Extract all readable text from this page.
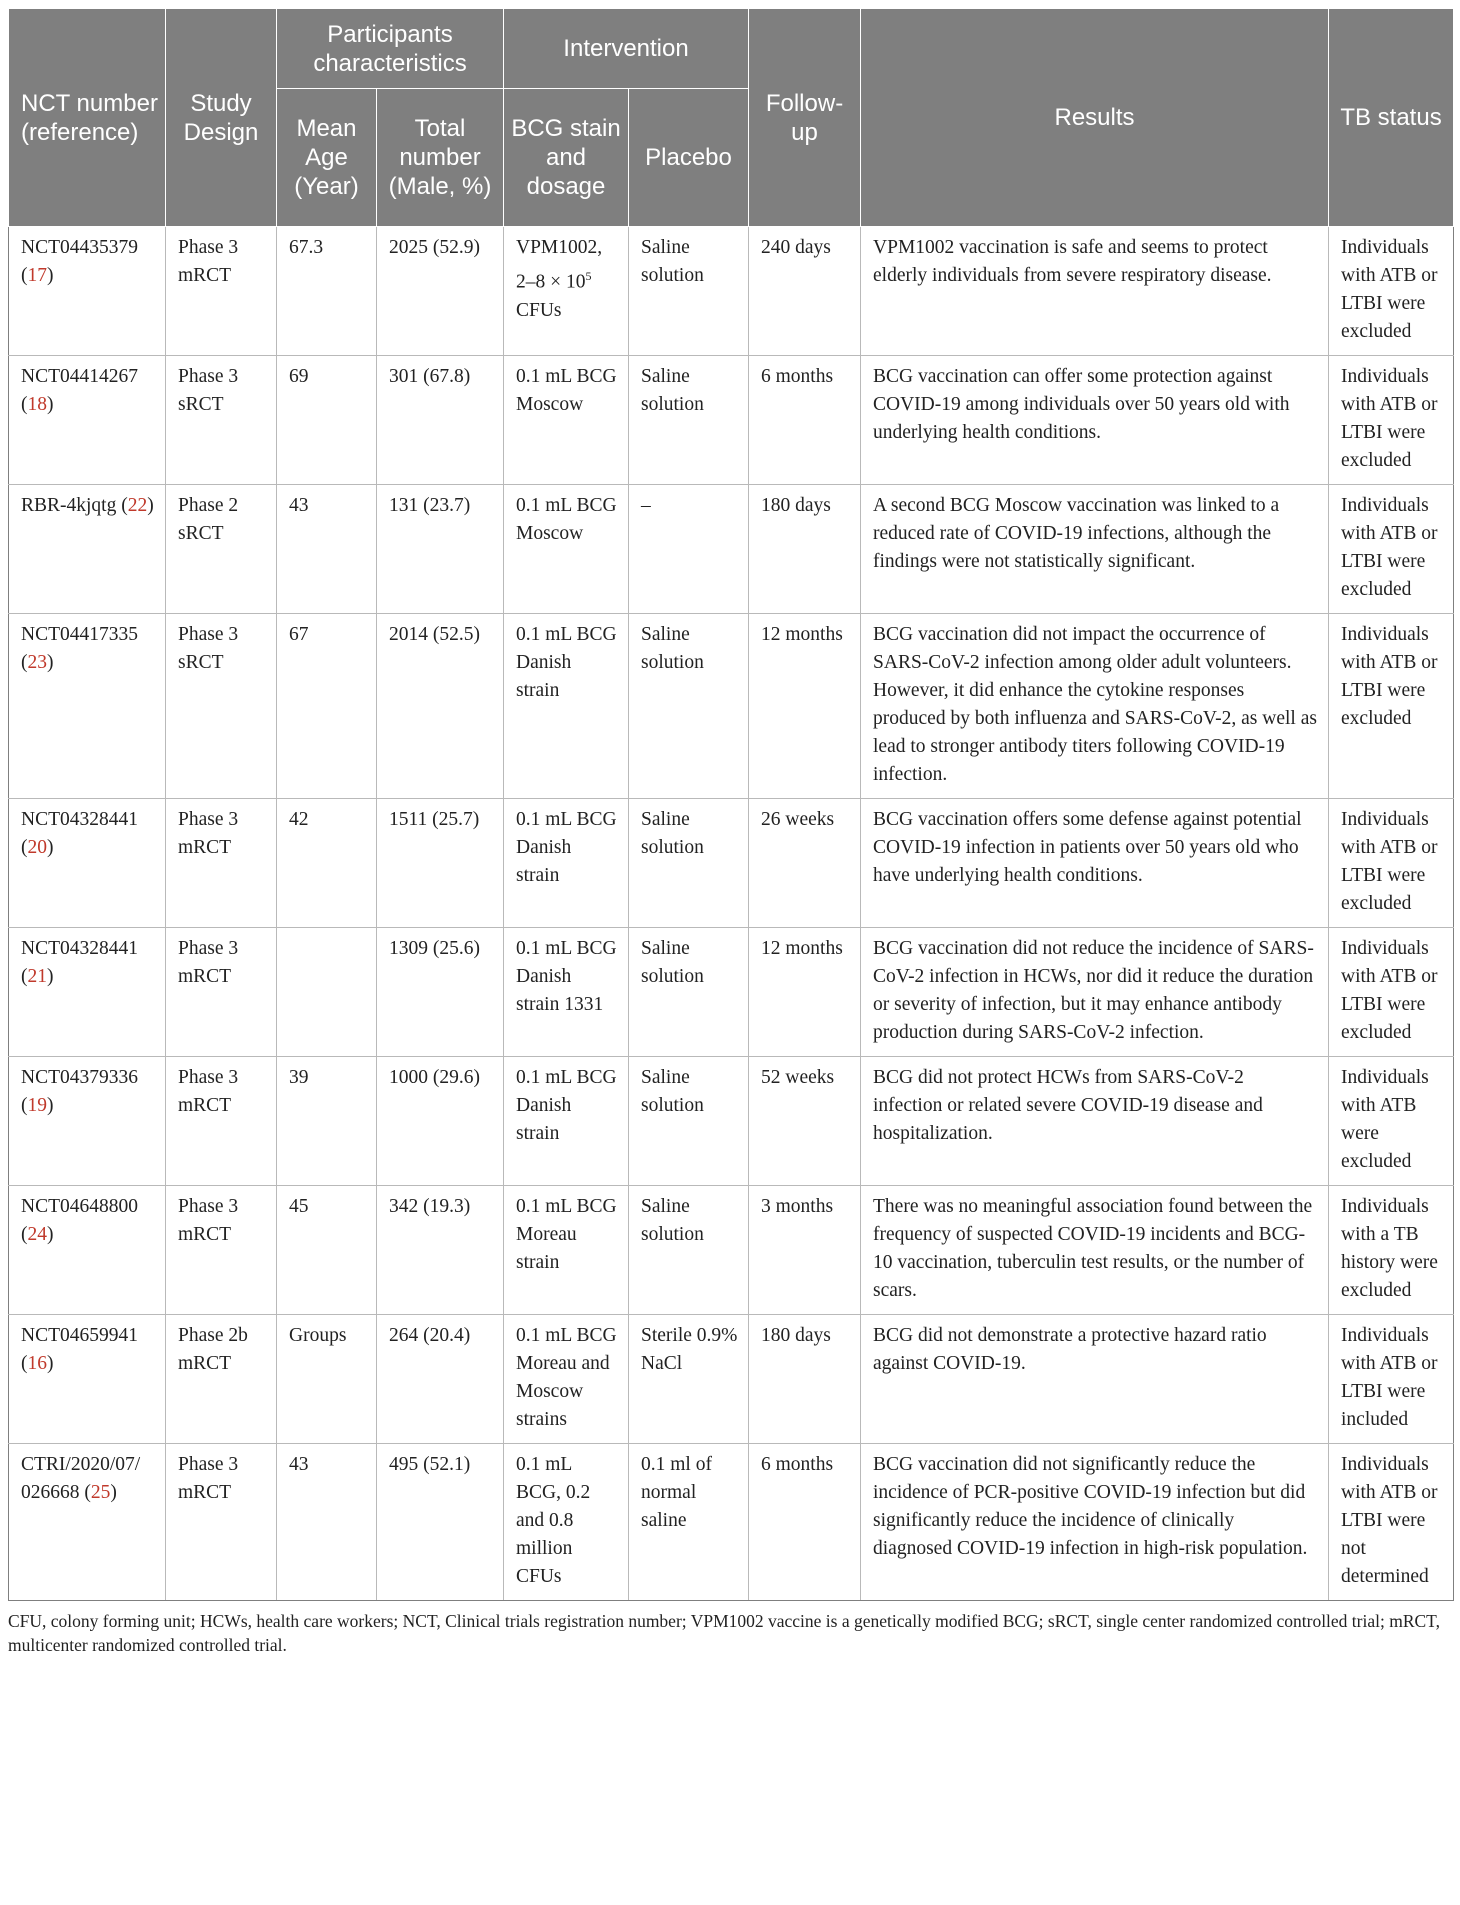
NCT number (reference)	Study Design	Participants characteristics		Intervention		Follow-up	Results	TB status
		Mean Age (Year)	Total number (Male, %)	BCG stain and dosage	Placebo			
NCT04435379 (17)	Phase 3 mRCT	67.3	2025 (52.9)	VPM1002, $2-8 \times 10^5$ CFUs	Saline solution	240 days	VPM1002 vaccination is safe and seems to protect elderly individuals from severe respiratory disease.	Individuals with ATB or LTBI were excluded
NCT04414267 (18)	Phase 3 sRCT	69	301 (67.8)	0.1 mL BCG Moscow	Saline solution	6 months	BCG vaccination can offer some protection against COVID-19 among individuals over 50 years old with underlying health conditions.	Individuals with ATB or LTBI were excluded
RBR-4kjqtg (22)	Phase 2 sRCT	43	131 (23.7)	0.1 mL BCG Moscow	–	180 days	A second BCG Moscow vaccination was linked to a reduced rate of COVID-19 infections, although the findings were not statistically significant.	Individuals with ATB or LTBI were excluded
NCT04417335 (23)	Phase 3 sRCT	67	2014 (52.5)	0.1 mL BCG Danish strain	Saline solution	12 months	BCG vaccination did not impact the occurrence of SARS-CoV-2 infection among older adult volunteers. However, it did enhance the cytokine responses produced by both influenza and SARS-CoV-2, as well as lead to stronger antibody titers following COVID-19 infection.	Individuals with ATB or LTBI were excluded
NCT04328441 (20)	Phase 3 mRCT	42	1511 (25.7)	0.1 mL BCG Danish strain	Saline solution	26 weeks	BCG vaccination offers some defense against potential COVID-19 infection in patients over 50 years old who have underlying health conditions.	Individuals with ATB or LTBI were excluded
NCT04328441 (21)	Phase 3 mRCT		1309 (25.6)	0.1 mL BCG Danish strain 1331	Saline solution	12 months	BCG vaccination did not reduce the incidence of SARS-CoV-2 infection in HCWs, nor did it reduce the duration or severity of infection, but it may enhance antibody production during SARS-CoV-2 infection.	Individuals with ATB or LTBI were excluded
NCT04379336 (19)	Phase 3 mRCT	39	1000 (29.6)	0.1 mL BCG Danish strain	Saline solution	52 weeks	BCG did not protect HCWs from SARS-CoV-2 infection or related severe COVID-19 disease and hospitalization.	Individuals with ATB were excluded
NCT04648800 (24)	Phase 3 mRCT	45	342 (19.3)	0.1 mL BCG Moreau strain	Saline solution	3 months	There was no meaningful association found between the frequency of suspected COVID-19 incidents and BCG-10 vaccination, tuberculin test results, or the number of scars.	Individuals with a TB history were excluded
NCT04659941 (16)	Phase 2b mRCT	Groups	264 (20.4)	0.1 mL BCG Moreau and Moscow strains	Sterile 0.9% NaCl	180 days	BCG did not demonstrate a protective hazard ratio against COVID-19.	Individuals with ATB or LTBI were included
CTRI/2020/07/ 026668 (25)	Phase 3 mRCT	43	495 (52.1)	0.1 mL BCG, 0.2 and 0.8 million CFUs	0.1 ml of normal saline	6 months	BCG vaccination did not significantly reduce the incidence of PCR-positive COVID-19 infection but did significantly reduce the incidence of clinically diagnosed COVID-19 infection in high-risk population.	Individuals with ATB or LTBI were not determined
CFU, colony forming unit; HCWs, health care workers; NCT, Clinical trials registration number; VPM1002 vaccine is a genetically modified BCG; sRCT, single center randomized controlled trial; mRCT, multicenter randomized controlled trial.
